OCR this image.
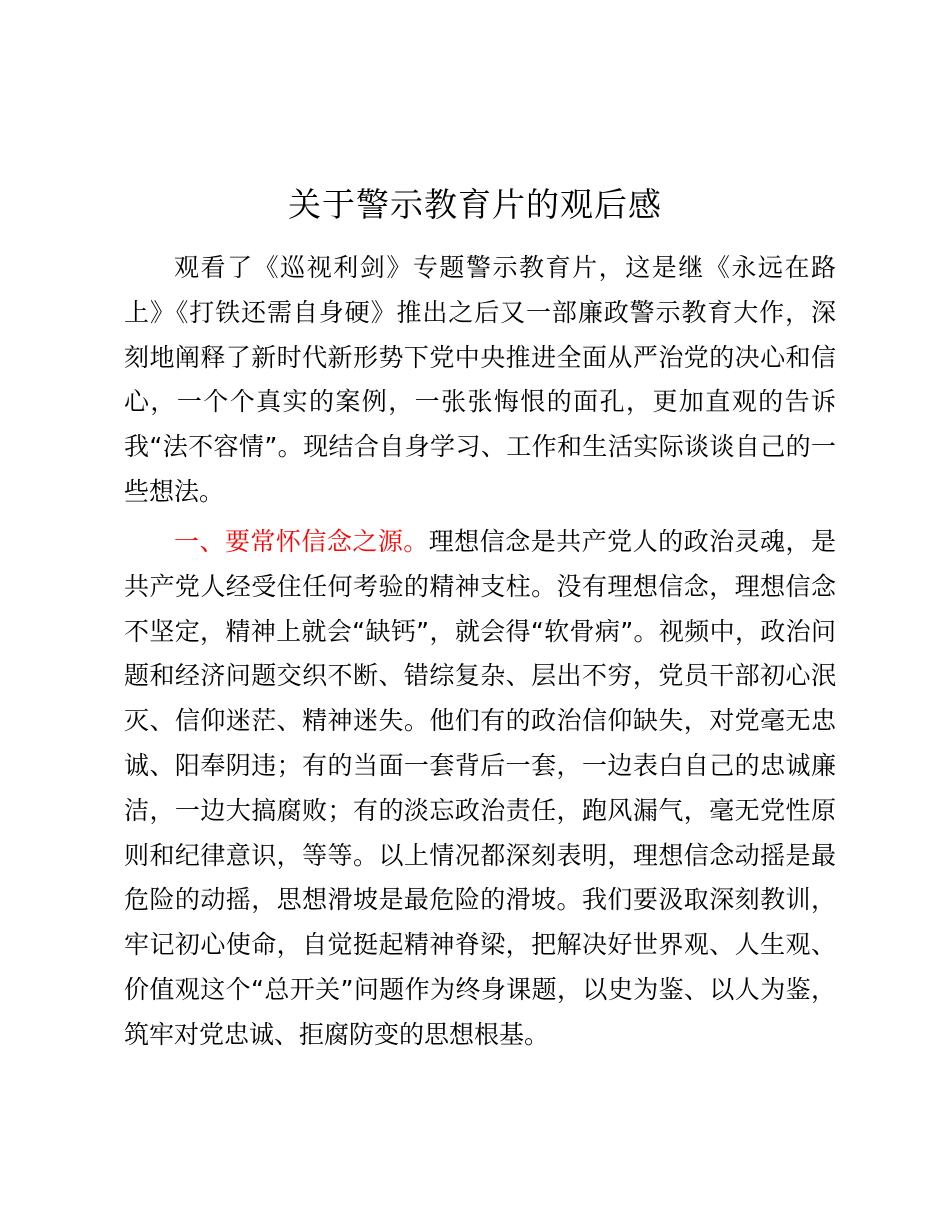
关于警示教育片的观后感

观看了《巡视利剑》专题警示教育片，这是继《永远在路上》《打铁还需自身硬》推出之后又一部廉政警示教育大作，深刻地阐释了新时代新形势下党中央推进全面从严治党的决心和信心，一个个真实的案例，一张张悔恨的面孔，更加直观的告诉我“法不容情”。现结合自身学习、工作和生活实际谈谈自己的一些想法。

一、要常怀信念之源。理想信念是共产党人的政治灵魂，是共产党人经受住任何考验的精神支柱。没有理想信念，理想信念不坚定，精神上就会“缺钙”，就会得“软骨病”。视频中，政治问题和经济问题交织不断、错综复杂、层出不穷，党员干部初心泯灭、信仰迷茫、精神迷失。他们有的政治信仰缺失，对党毫无忠诚、阳奉阴违；有的当面一套背后一套，一边表白自己的忠诚廉洁，一边大搞腐败；有的淡忘政治责任，跑风漏气，毫无党性原则和纪律意识，等等。以上情况都深刻表明，理想信念动摇是最危险的动摇，思想滑坡是最危险的滑坡。我们要汲取深刻教训，牢记初心使命，自觉挺起精神脊梁，把解决好世界观、人生观、价值观这个“总开关”问题作为终身课题，以史为鉴、以人为鉴，筑牢对党忠诚、拒腐防变的思想根基。
